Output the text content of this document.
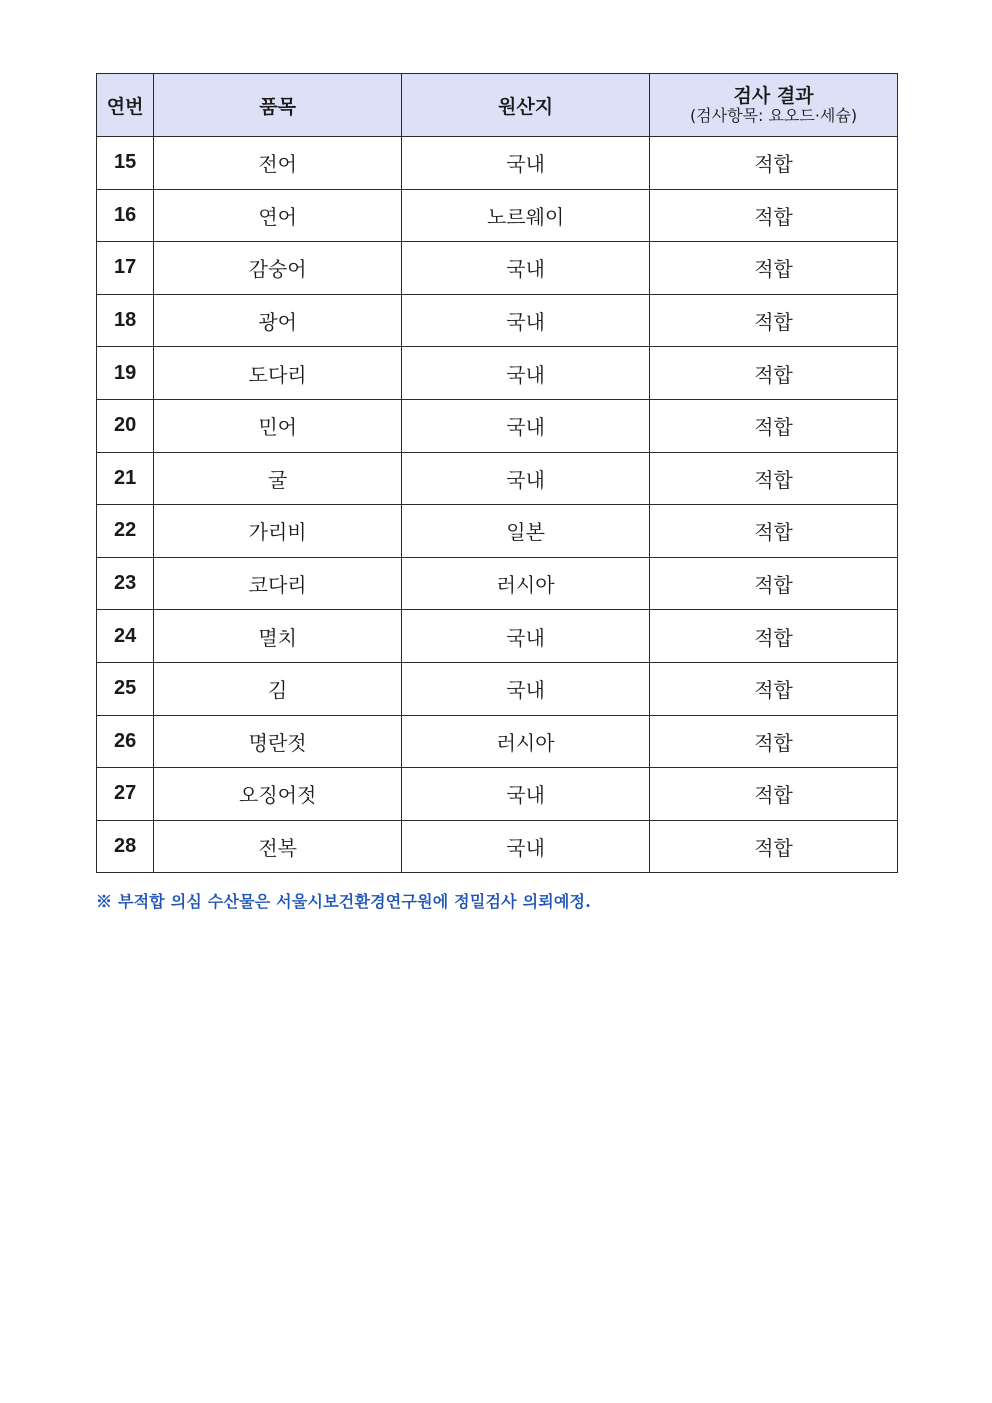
연번	품목	원산지	검사 결과
(검사항목: 요오드·세슘)

15	전어	국내	적합
16	연어	노르웨이	적합
17	감숭어	국내	적합
18	광어	국내	적합
19	도다리	국내	적합
20	민어	국내	적합
21	굴	국내	적합
22	가리비	일본	적합
23	코다리	러시아	적합
24	멸치	국내	적합
25	김	국내	적합
26	명란젓	러시아	적합
27	오징어젓	국내	적합
28	전복	국내	적합
※ 부적합 의심 수산물은 서울시보건환경연구원에 정밀검사 의뢰예정.
